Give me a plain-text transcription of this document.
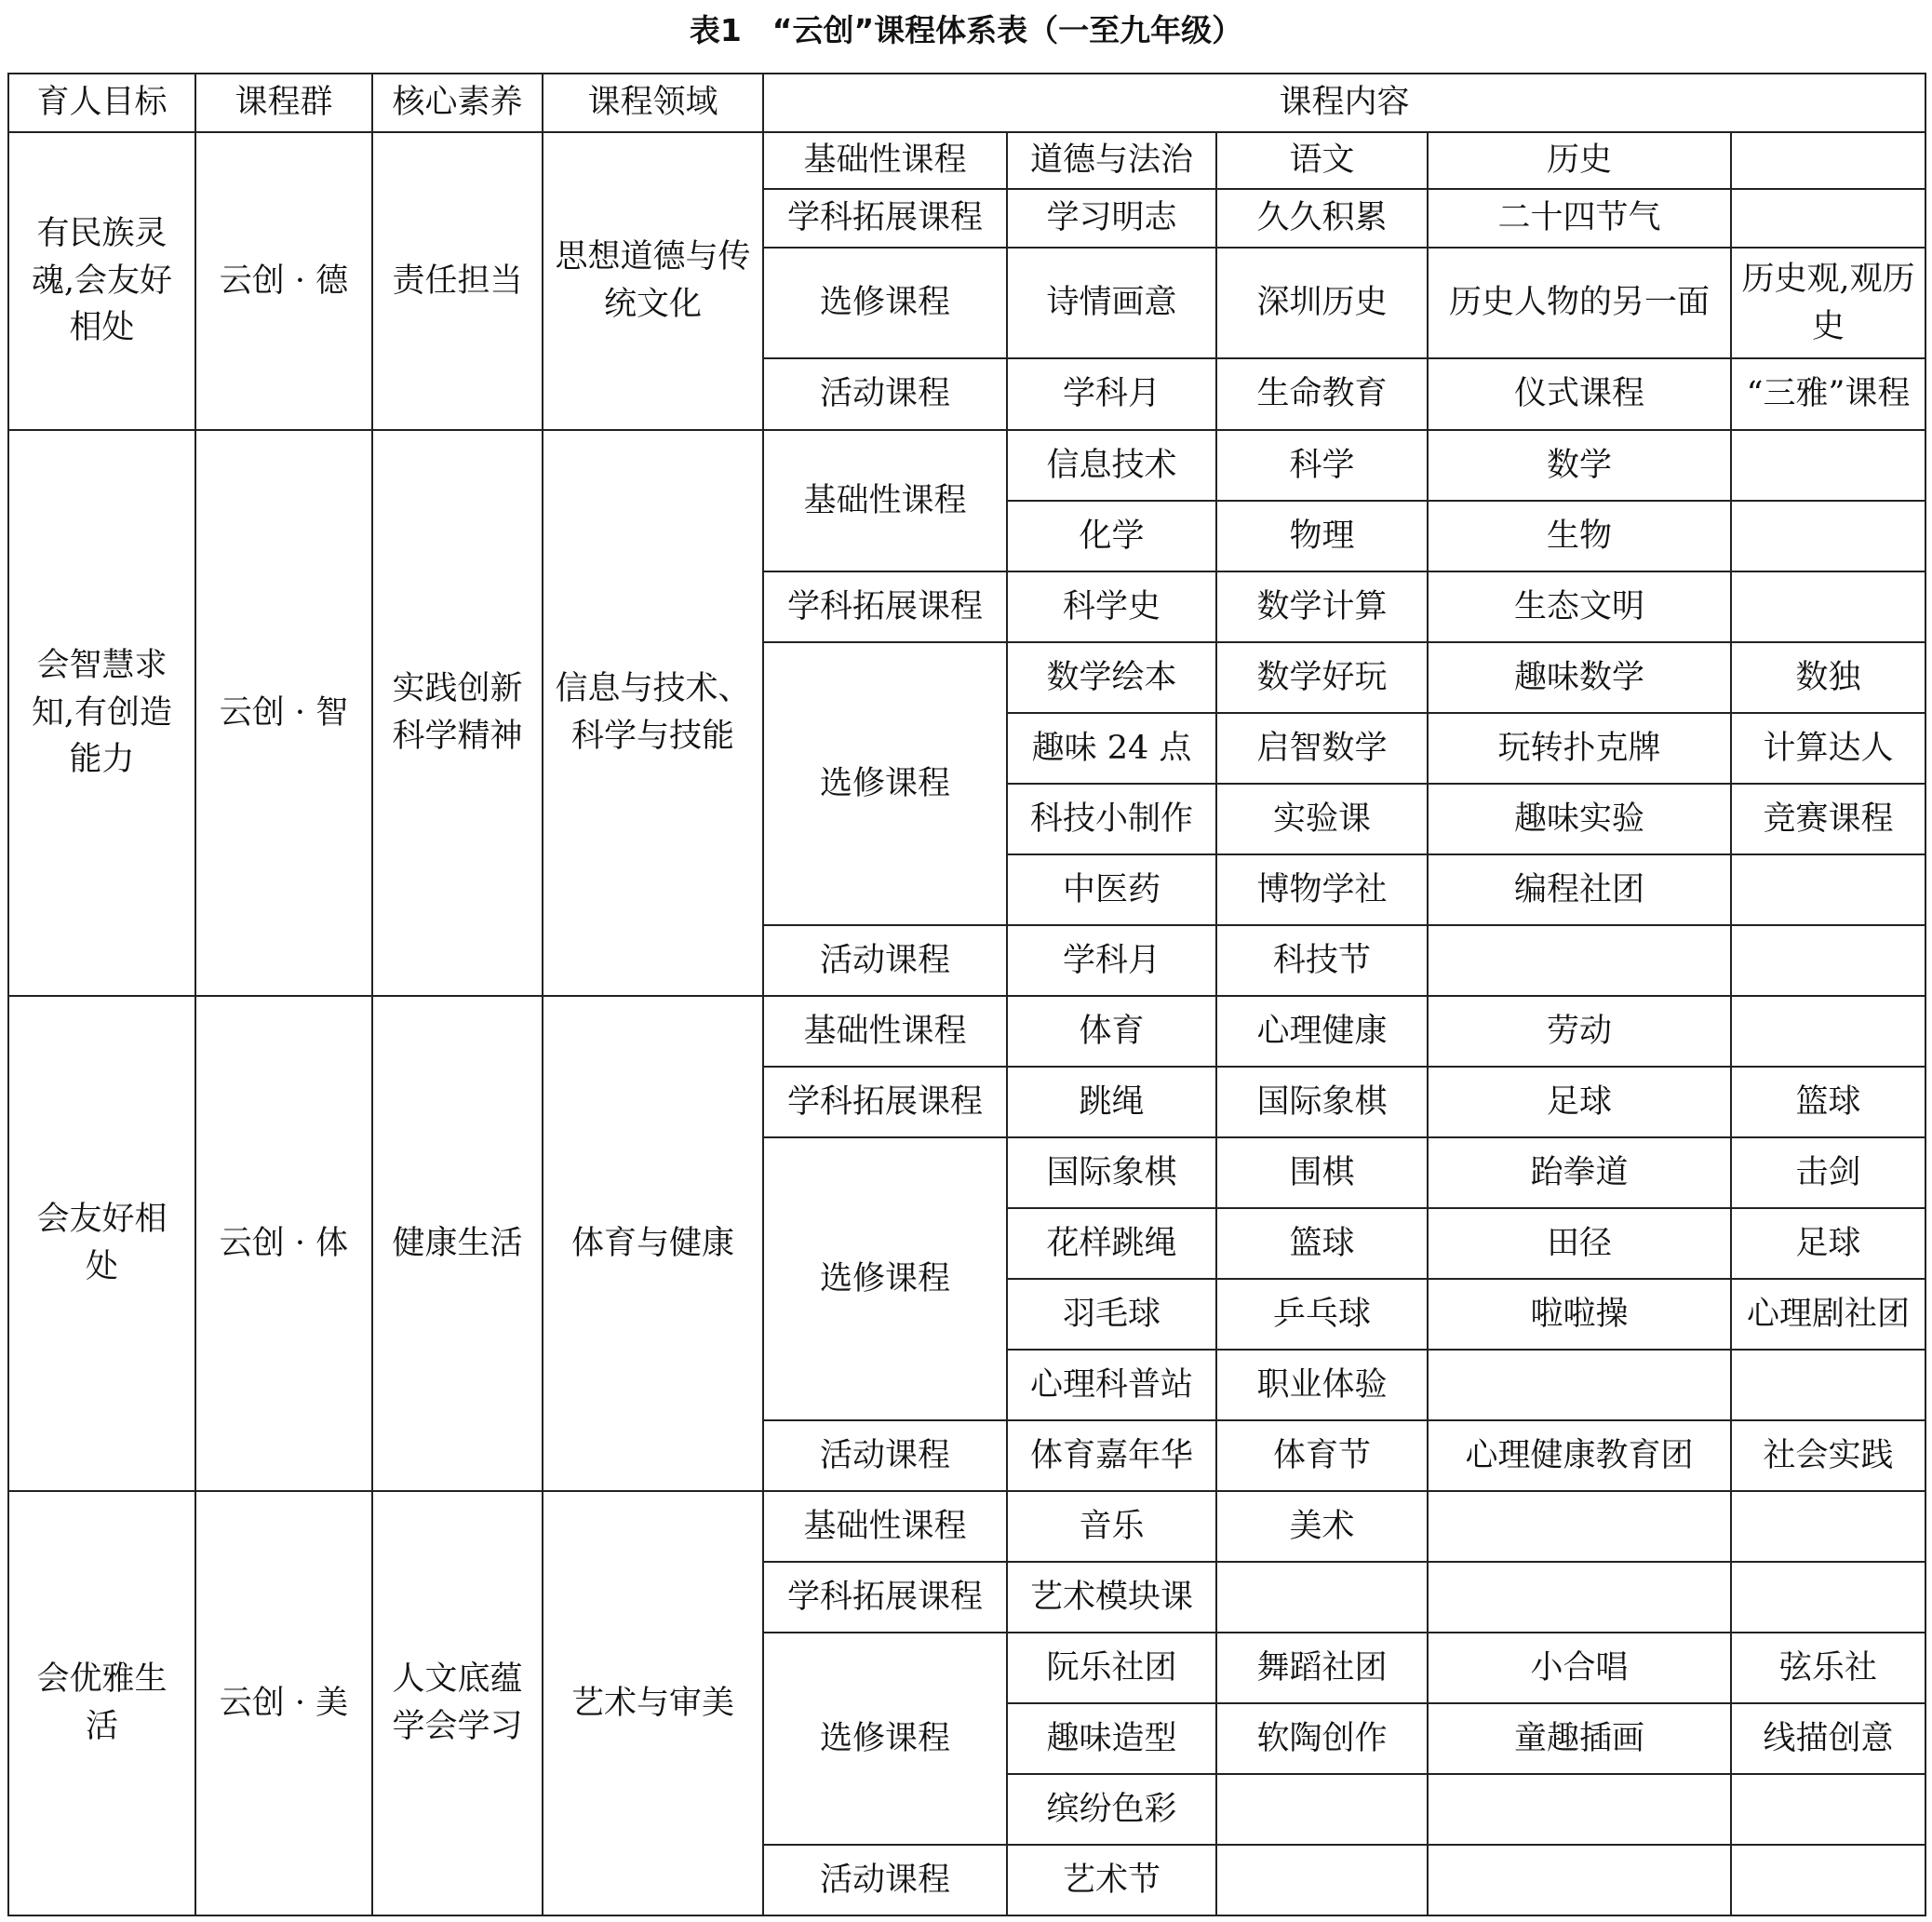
表1　“云创”课程体系表（一至九年级）
育人目标	课程群	核心素养	课程领域	课程内容				
有民族灵魂,会友好相处	云创 · 德	责任担当	思想道德与传统文化	基础性课程	道德与法治	语文	历史	
				学科拓展课程	学习明志	久久积累	二十四节气	
				选修课程	诗情画意	深圳历史	历史人物的另一面	历史观,观历史
				活动课程	学科月	生命教育	仪式课程	“三雅”课程
会智慧求知,有创造能力	云创 · 智	实践创新科学精神	信息与技术、科学与技能	基础性课程	信息技术	科学	数学	
					化学	物理	生物	
				学科拓展课程	科学史	数学计算	生态文明	
				选修课程	数学绘本	数学好玩	趣味数学	数独
					趣味 24 点	启智数学	玩转扑克牌	计算达人
					科技小制作	实验课	趣味实验	竞赛课程
					中医药	博物学社	编程社团	
				活动课程	学科月	科技节		
会友好相处	云创 · 体	健康生活	体育与健康	基础性课程	体育	心理健康	劳动	
				学科拓展课程	跳绳	国际象棋	足球	篮球
				选修课程	国际象棋	围棋	跆拳道	击剑
					花样跳绳	篮球	田径	足球
					羽毛球	乒乓球	啦啦操	心理剧社团
					心理科普站	职业体验		
				活动课程	体育嘉年华	体育节	心理健康教育团	社会实践
会优雅生活	云创 · 美	人文底蕴学会学习	艺术与审美	基础性课程	音乐	美术		
				学科拓展课程	艺术模块课			
				选修课程	阮乐社团	舞蹈社团	小合唱	弦乐社
					趣味造型	软陶创作	童趣插画	线描创意
					缤纷色彩			
				活动课程	艺术节			
